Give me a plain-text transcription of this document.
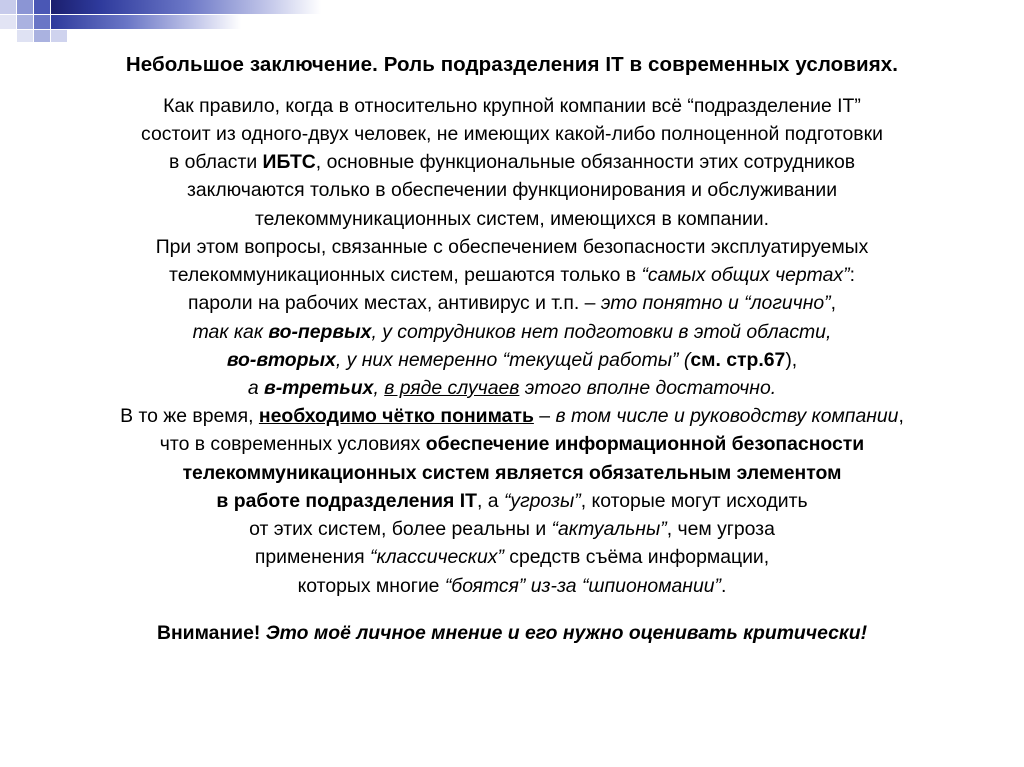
Небольшое заключение. Роль подразделения IT в современных условиях.

Как правило, когда в относительно крупной компании всё “подразделение IT”

состоит из одного-двух человек, не имеющих какой-либо полноценной подготовки

в области ИБТС, основные функциональные обязанности этих сотрудников

заключаются только в обеспечении функционирования и обслуживании

телекоммуникационных систем, имеющихся в компании.

При этом вопросы, связанные с обеспечением безопасности эксплуатируемых

телекоммуникационных систем, решаются только в “самых общих чертах”:

пароли на рабочих местах, антивирус и т.п. – это понятно и “логично”,

так как во-первых, у сотрудников нет подготовки в этой области,

во-вторых, у них немеренно “текущей работы” (см. стр.67),

а в-третьих, в ряде случаев этого вполне достаточно.

В то же время, необходимо чётко понимать – в том числе и руководству компании,

что в современных условиях обеспечение информационной безопасности

телекоммуникационных систем является обязательным элементом

в работе подразделения IT, а “угрозы”, которые могут исходить

от этих систем, более реальны и “актуальны”, чем угроза

применения “классических” средств съёма информации,

которых многие “боятся” из-за “шпиономании”.

Внимание! Это моё личное мнение и его нужно оценивать критически!
